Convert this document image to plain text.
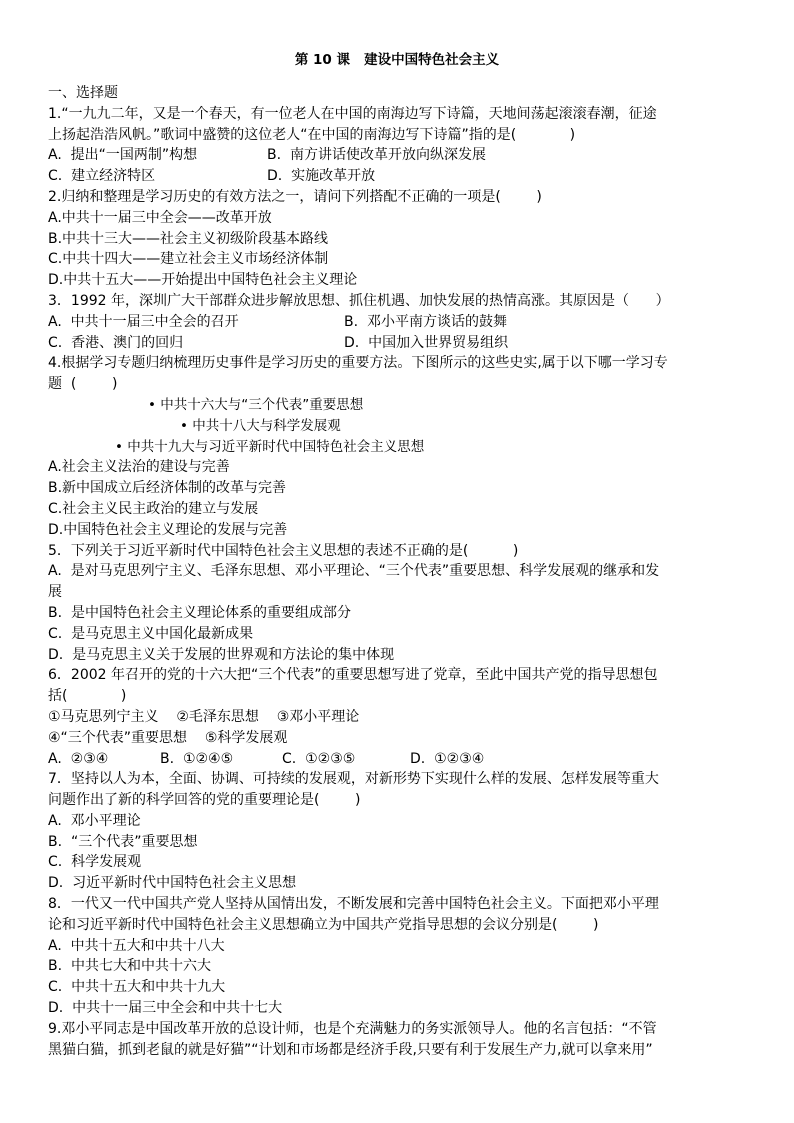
第 10 课   建设中国特色社会主义
一、选择题
1.“一九九二年，又是一个春天，有一位老人在中国的南海边写下诗篇，天地间荡起滚滚春潮，征途
上扬起浩浩风帆。”歌词中盛赞的这位老人“在中国的南海边写下诗篇”指的是(            )
A.  提出“一国两制”构想	B.  南方讲话使改革开放向纵深发展
C.  建立经济特区	D.  实施改革开放
2.归纳和整理是学习历史的有效方法之一，请问下列搭配不正确的一项是(        )
A.中共十一届三中全会——改革开放
B.中共十三大——社会主义初级阶段基本路线
C.中共十四大——建立社会主义市场经济体制
D.中共十五大——开始提出中国特色社会主义理论
3．1992 年，深圳广大干部群众进步解放思想、抓住机遇、加快发展的热情高涨。其原因是（      ）
A.  中共十一届三中全会的召开	B.  邓小平南方谈话的鼓舞
C.  香港、澳门的回归	D.  中国加入世界贸易组织
4.根据学习专题归纳梳理历史事件是学习历史的重要方法。下图所示的这些史实,属于以下哪一学习专
题  (        )
• 中共十六大与“三个代表”重要思想
• 中共十八大与科学发展观
• 中共十九大与习近平新时代中国特色社会主义思想
A.社会主义法治的建设与完善
B.新中国成立后经济体制的改革与完善
C.社会主义民主政治的建立与发展
D.中国特色社会主义理论的发展与完善
5．下列关于习近平新时代中国特色社会主义思想的表述不正确的是(          )
A.  是对马克思列宁主义、毛泽东思想、邓小平理论、“三个代表”重要思想、科学发展观的继承和发
展
B.  是中国特色社会主义理论体系的重要组成部分
C.  是马克思主义中国化最新成果
D.  是马克思主义关于发展的世界观和方法论的集中体现
6．2002 年召开的党的十六大把“三个代表”的重要思想写进了党章，至此中国共产党的指导思想包
括(            )
①马克思列宁主义    ②毛泽东思想    ③邓小平理论
④“三个代表”重要思想    ⑤科学发展观
A.  ②③④	B.  ①②④⑤	C.  ①②③⑤	D.  ①②③④
7．坚持以人为本，全面、协调、可持续的发展观，对新形势下实现什么样的发展、怎样发展等重大
问题作出了新的科学回答的党的重要理论是(        )
A.  邓小平理论
B.  “三个代表”重要思想
C.  科学发展观
D.  习近平新时代中国特色社会主义思想
8．一代又一代中国共产党人坚持从国情出发，不断发展和完善中国特色社会主义。下面把邓小平理
论和习近平新时代中国特色社会主义思想确立为中国共产党指导思想的会议分别是(        )
A.  中共十五大和中共十八大
B.  中共七大和中共十六大
C.  中共十五大和中共十九大
D.  中共十一届三中全会和中共十七大
9.邓小平同志是中国改革开放的总设计师，也是个充满魅力的务实派领导人。他的名言包括：“不管
黑猫白猫，抓到老鼠的就是好猫”“计划和市场都是经济手段,只要有利于发展生产力,就可以拿来用”
